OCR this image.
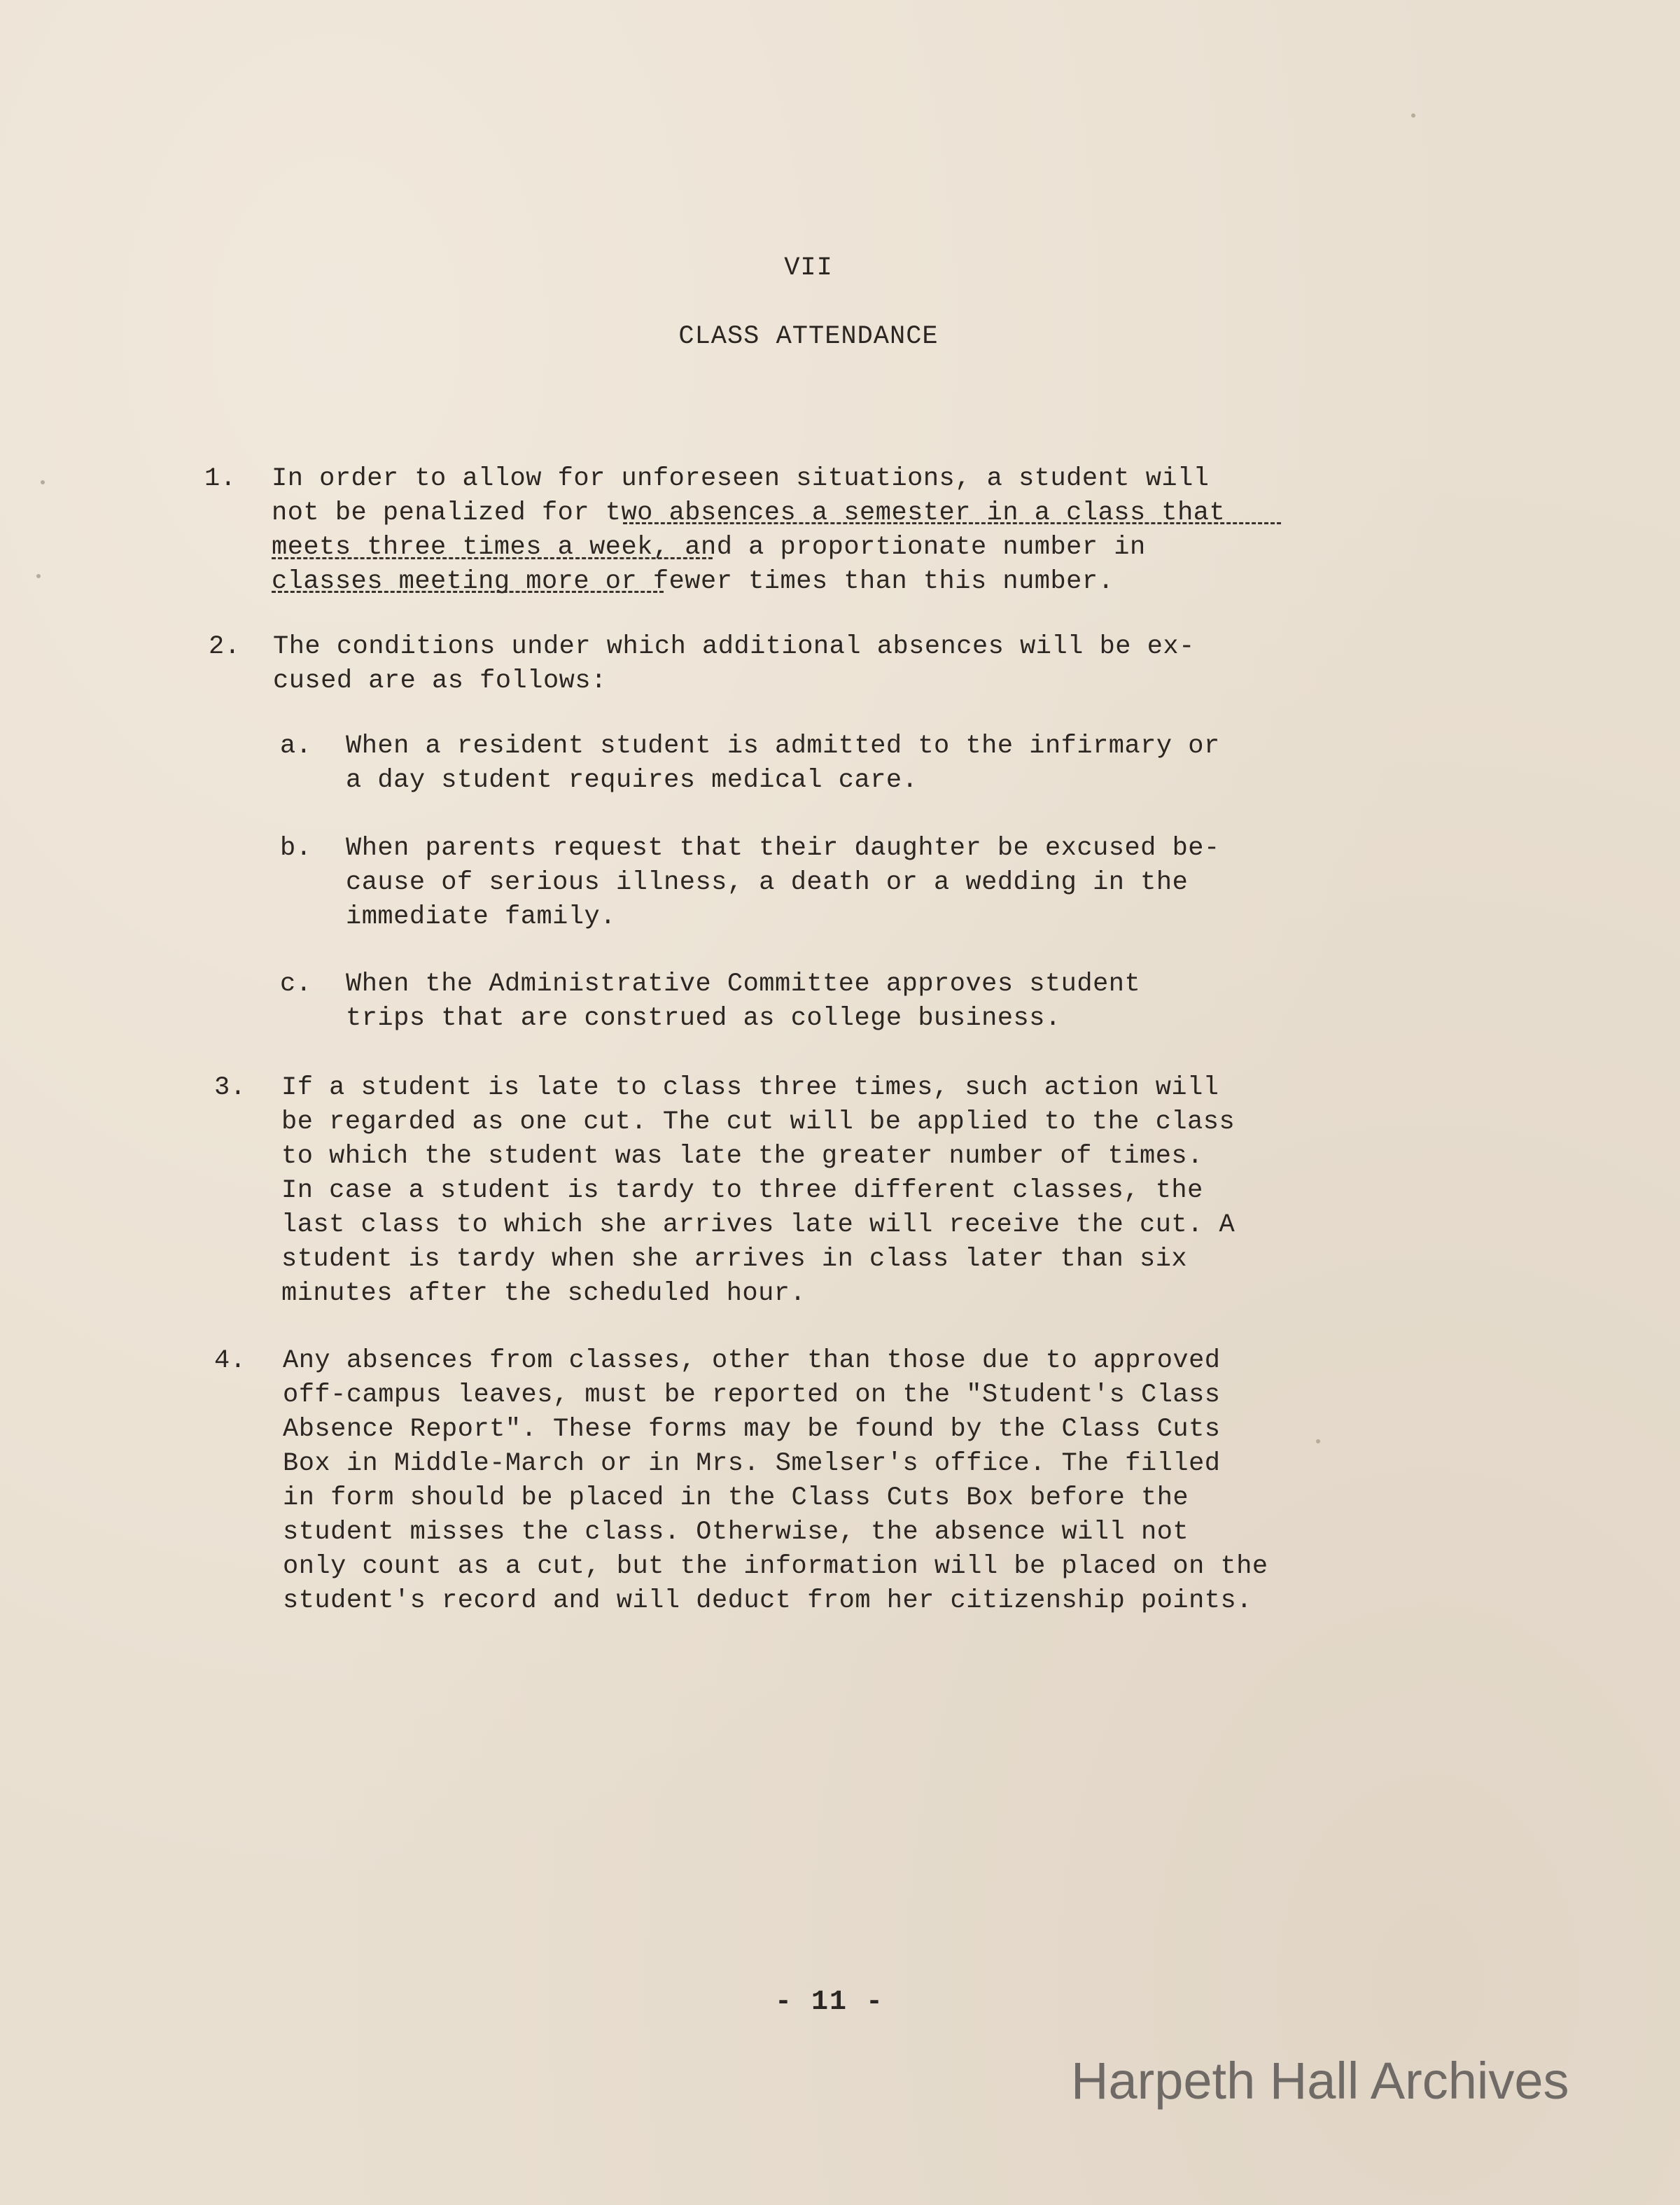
VII
CLASS ATTENDANCE
1. In order to allow for unforeseen situations, a student will
not be penalized for two absences a semester in a class that
meets three times a week, and a proportionate number in
classes meeting more or fewer times than this number.
2. The conditions under which additional absences will be ex-
cused are as follows:
a. When a resident student is admitted to the infirmary or
a day student requires medical care.
b. When parents request that their daughter be excused be-
cause of serious illness, a death or a wedding in the
immediate family.
c. When the Administrative Committee approves student
trips that are construed as college business.
3. If a student is late to class three times, such action will
be regarded as one cut. The cut will be applied to the class
to which the student was late the greater number of times.
In case a student is tardy to three different classes, the
last class to which she arrives late will receive the cut. A
student is tardy when she arrives in class later than six
minutes after the scheduled hour.
4. Any absences from classes, other than those due to approved
off-campus leaves, must be reported on the "Student's Class
Absence Report". These forms may be found by the Class Cuts
Box in Middle-March or in Mrs. Smelser's office. The filled
in form should be placed in the Class Cuts Box before the
student misses the class. Otherwise, the absence will not
only count as a cut, but the information will be placed on the
student's record and will deduct from her citizenship points.
- 11 -
Harpeth Hall Archives
